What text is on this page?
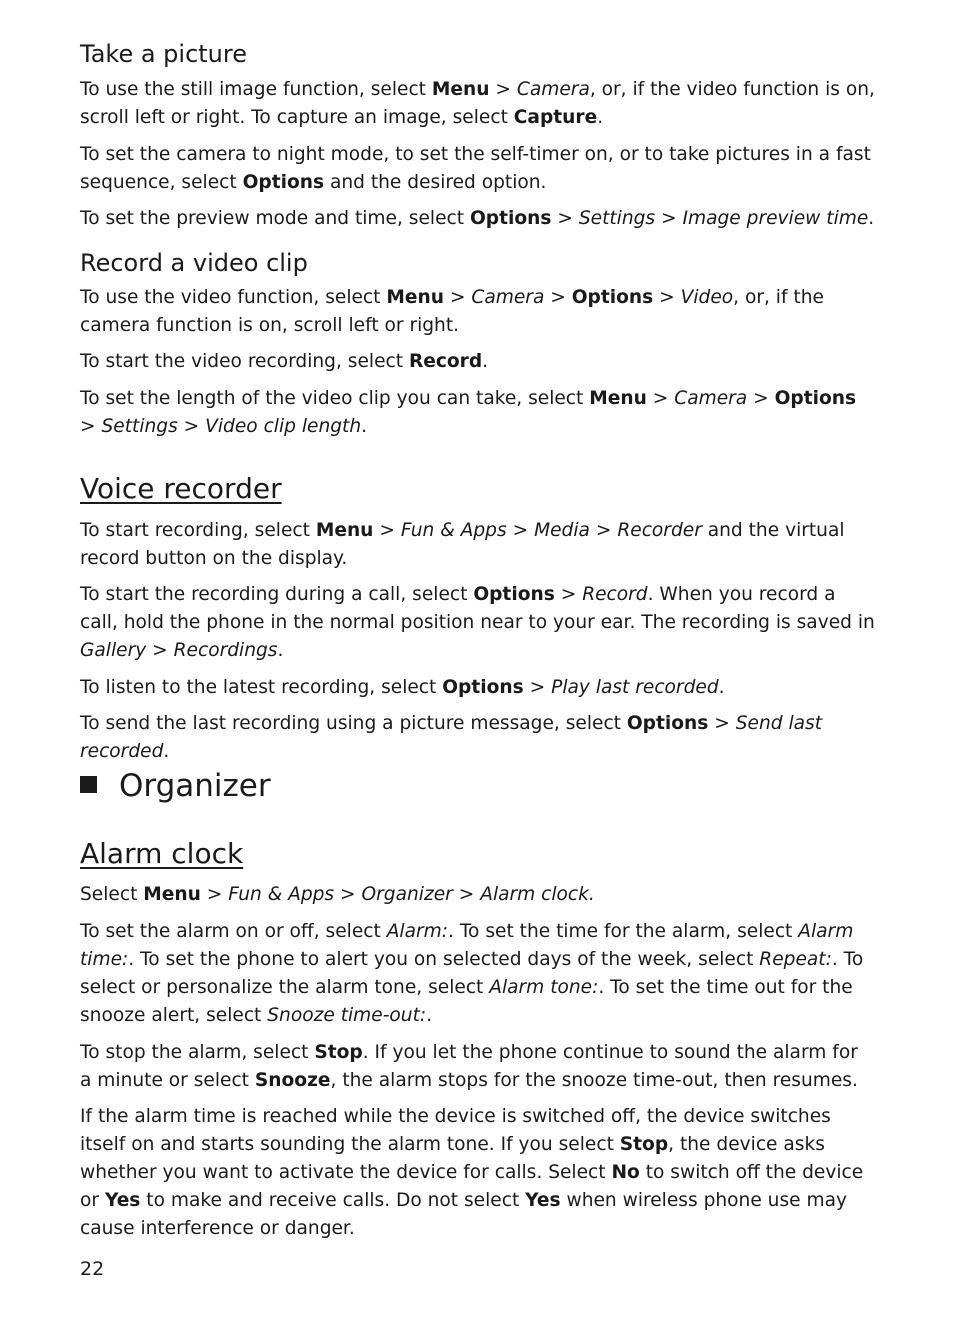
Take a picture

To use the still image function, select Menu > Camera, or, if the video function is on, scroll left or right. To capture an image, select Capture.

To set the camera to night mode, to set the self-timer on, or to take pictures in a fast sequence, select Options and the desired option.

To set the preview mode and time, select Options > Settings > Image preview time.

Record a video clip

To use the video function, select Menu > Camera > Options > Video, or, if the camera function is on, scroll left or right.

To start the video recording, select Record.

To set the length of the video clip you can take, select Menu > Camera > Options > Settings > Video clip length.

Voice recorder

To start recording, select Menu > Fun & Apps > Media > Recorder and the virtual record button on the display.

To start the recording during a call, select Options > Record. When you record a call, hold the phone in the normal position near to your ear. The recording is saved in Gallery > Recordings.

To listen to the latest recording, select Options > Play last recorded.

To send the last recording using a picture message, select Options > Send last recorded.

Organizer
Alarm clock

Select Menu > Fun & Apps > Organizer > Alarm clock.

To set the alarm on or off, select Alarm:. To set the time for the alarm, select Alarm time:. To set the phone to alert you on selected days of the week, select Repeat:. To select or personalize the alarm tone, select Alarm tone:. To set the time out for the snooze alert, select Snooze time-out:.

To stop the alarm, select Stop. If you let the phone continue to sound the alarm for a minute or select Snooze, the alarm stops for the snooze time-out, then resumes.

If the alarm time is reached while the device is switched off, the device switches itself on and starts sounding the alarm tone. If you select Stop, the device asks whether you want to activate the device for calls. Select No to switch off the device or Yes to make and receive calls. Do not select Yes when wireless phone use may cause interference or danger.

22
